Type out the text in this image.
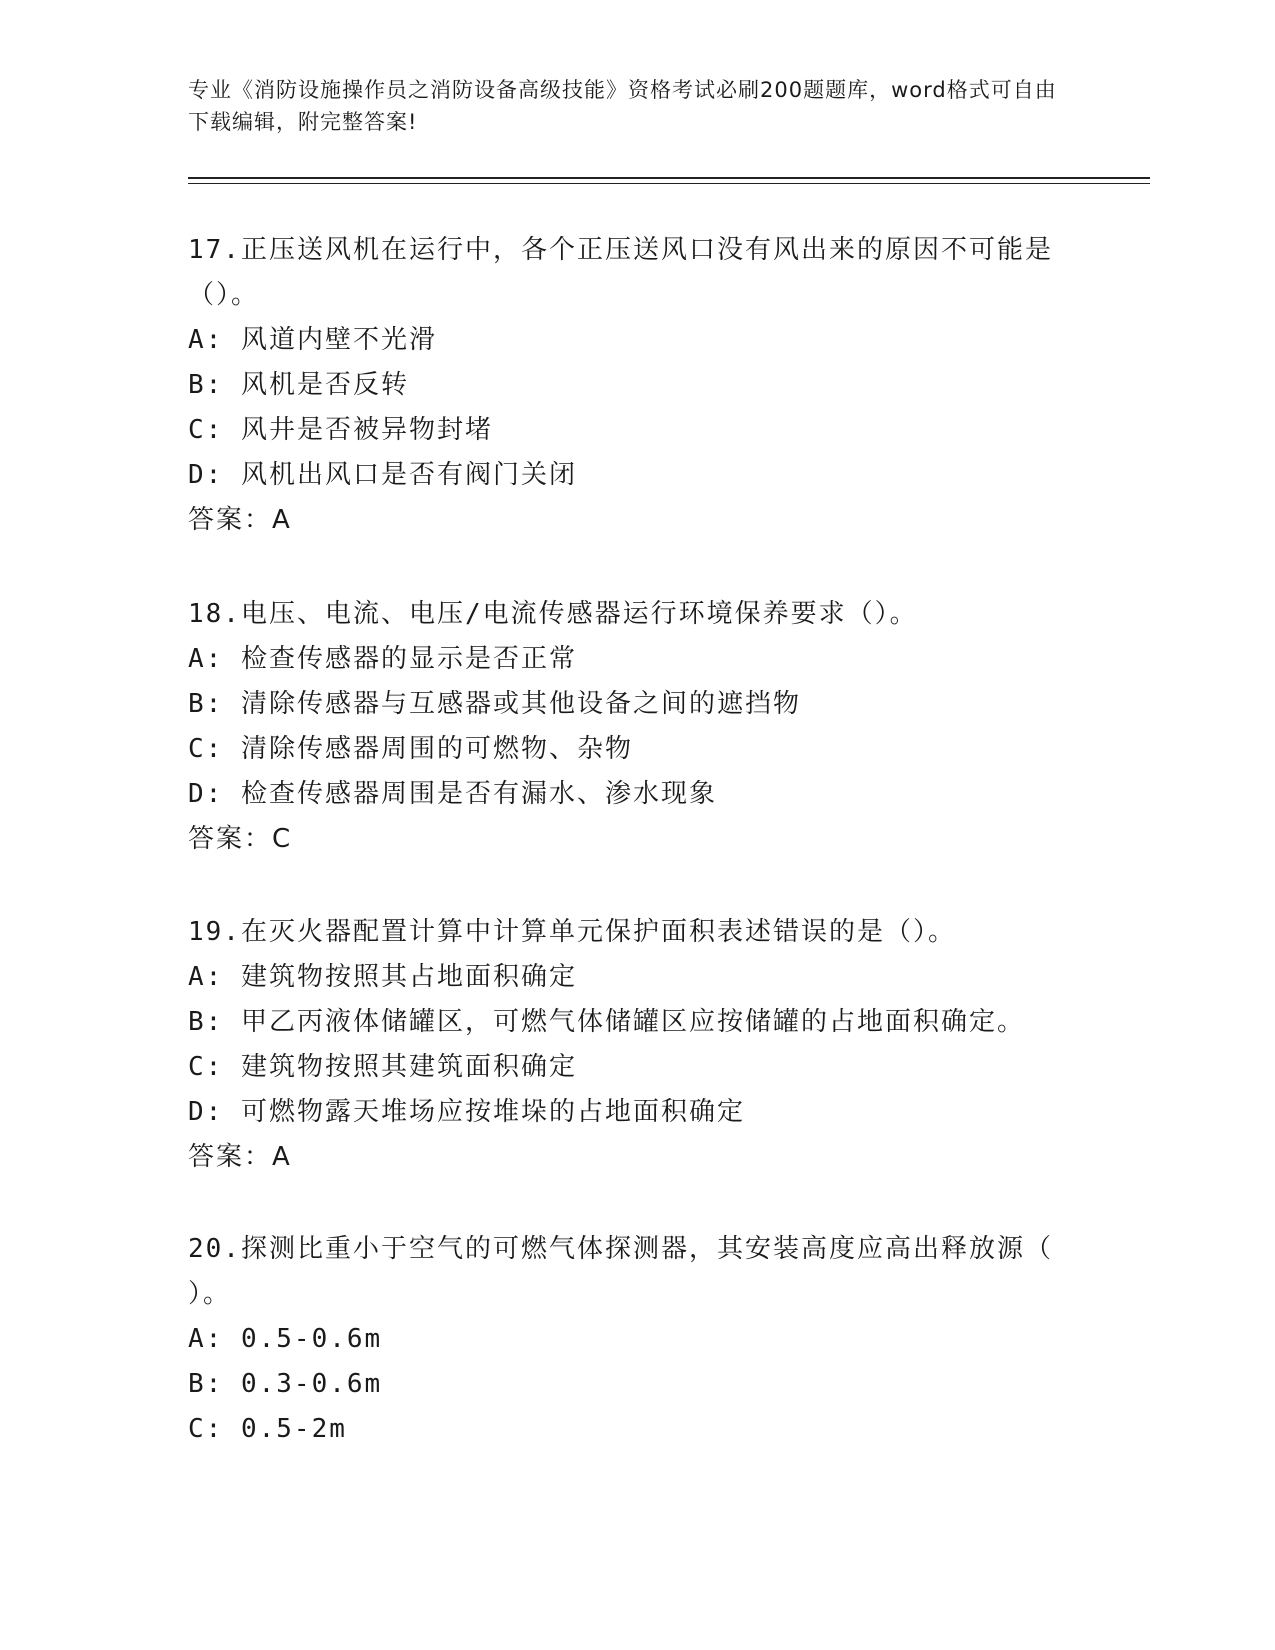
专业《消防设施操作员之消防设备高级技能》资格考试必刷200题题库，word格式可自由下载编辑，附完整答案!
17.正压送风机在运行中，各个正压送风口没有风出来的原因不可能是
（）。
A: 风道内壁不光滑
B: 风机是否反转
C: 风井是否被异物封堵
D: 风机出风口是否有阀门关闭
答案：A
18.电压、电流、电压/电流传感器运行环境保养要求（）。
A: 检查传感器的显示是否正常
B: 清除传感器与互感器或其他设备之间的遮挡物
C: 清除传感器周围的可燃物、杂物
D: 检查传感器周围是否有漏水、渗水现象
答案：C
19.在灭火器配置计算中计算单元保护面积表述错误的是（）。
A: 建筑物按照其占地面积确定
B: 甲乙丙液体储罐区，可燃气体储罐区应按储罐的占地面积确定。
C: 建筑物按照其建筑面积确定
D: 可燃物露天堆场应按堆垛的占地面积确定
答案：A
20.探测比重小于空气的可燃气体探测器，其安装高度应高出释放源（
）。
A: 0.5-0.6m
B: 0.3-0.6m
C: 0.5-2m
